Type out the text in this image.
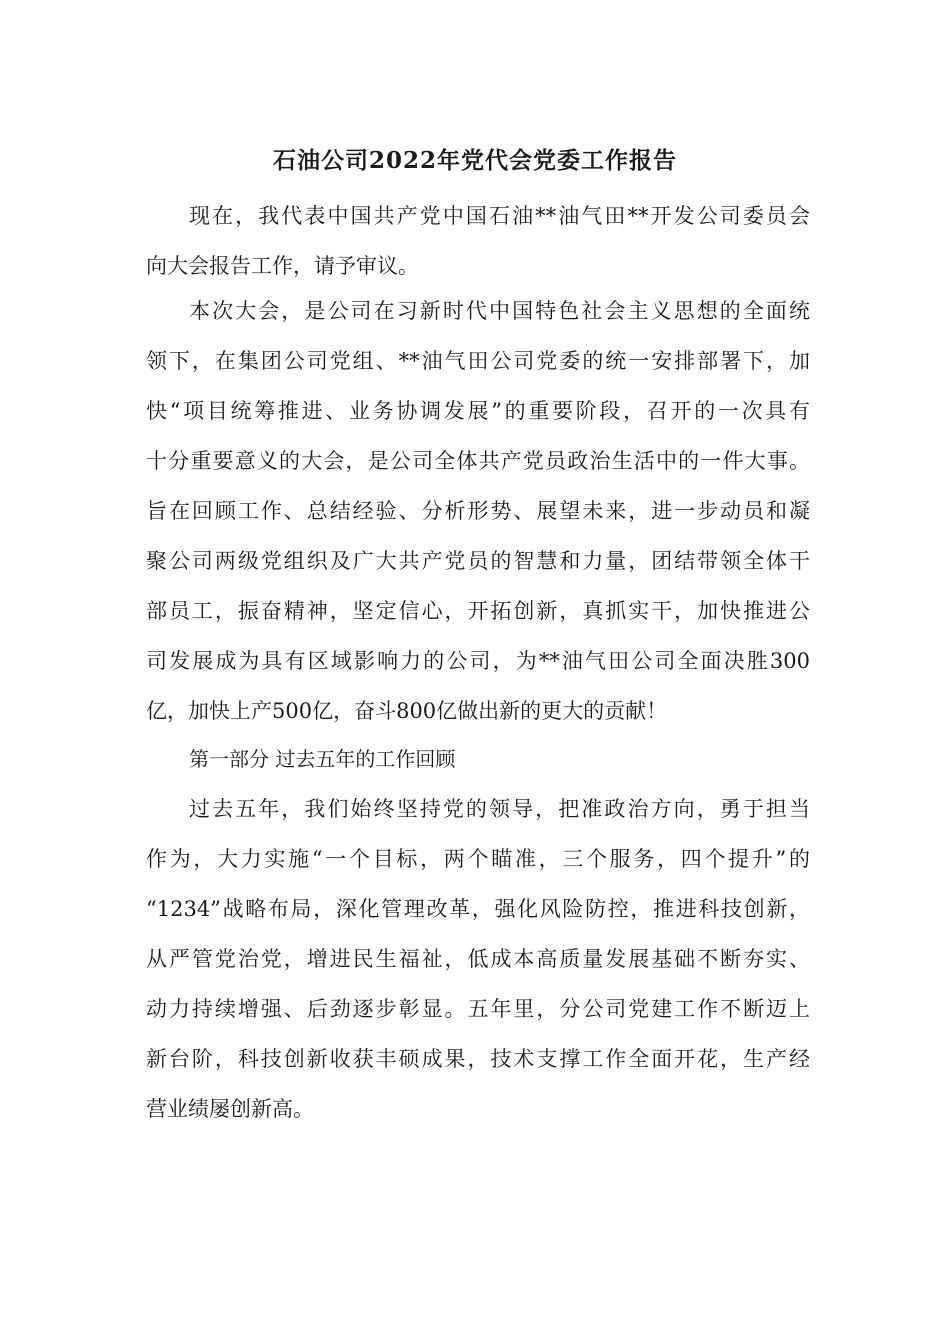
石油公司2022年党代会党委工作报告
现在，我代表中国共产党中国石油**油气田**开发公司委员会
向大会报告工作，请予审议。
本次大会，是公司在习新时代中国特色社会主义思想的全面统
领下，在集团公司党组、**油气田公司党委的统一安排部署下，加
快“项目统筹推进、业务协调发展”的重要阶段，召开的一次具有
十分重要意义的大会，是公司全体共产党员政治生活中的一件大事。
旨在回顾工作、总结经验、分析形势、展望未来，进一步动员和凝
聚公司两级党组织及广大共产党员的智慧和力量，团结带领全体干
部员工，振奋精神，坚定信心，开拓创新，真抓实干，加快推进公
司发展成为具有区域影响力的公司，为**油气田公司全面决胜300
亿，加快上产500亿，奋斗800亿做出新的更大的贡献！
第一部分 过去五年的工作回顾
过去五年，我们始终坚持党的领导，把准政治方向，勇于担当
作为，大力实施“一个目标，两个瞄准，三个服务，四个提升”的
“1234”战略布局，深化管理改革，强化风险防控，推进科技创新，
从严管党治党，增进民生福祉，低成本高质量发展基础不断夯实、
动力持续增强、后劲逐步彰显。五年里，分公司党建工作不断迈上
新台阶，科技创新收获丰硕成果，技术支撑工作全面开花，生产经
营业绩屡创新高。
